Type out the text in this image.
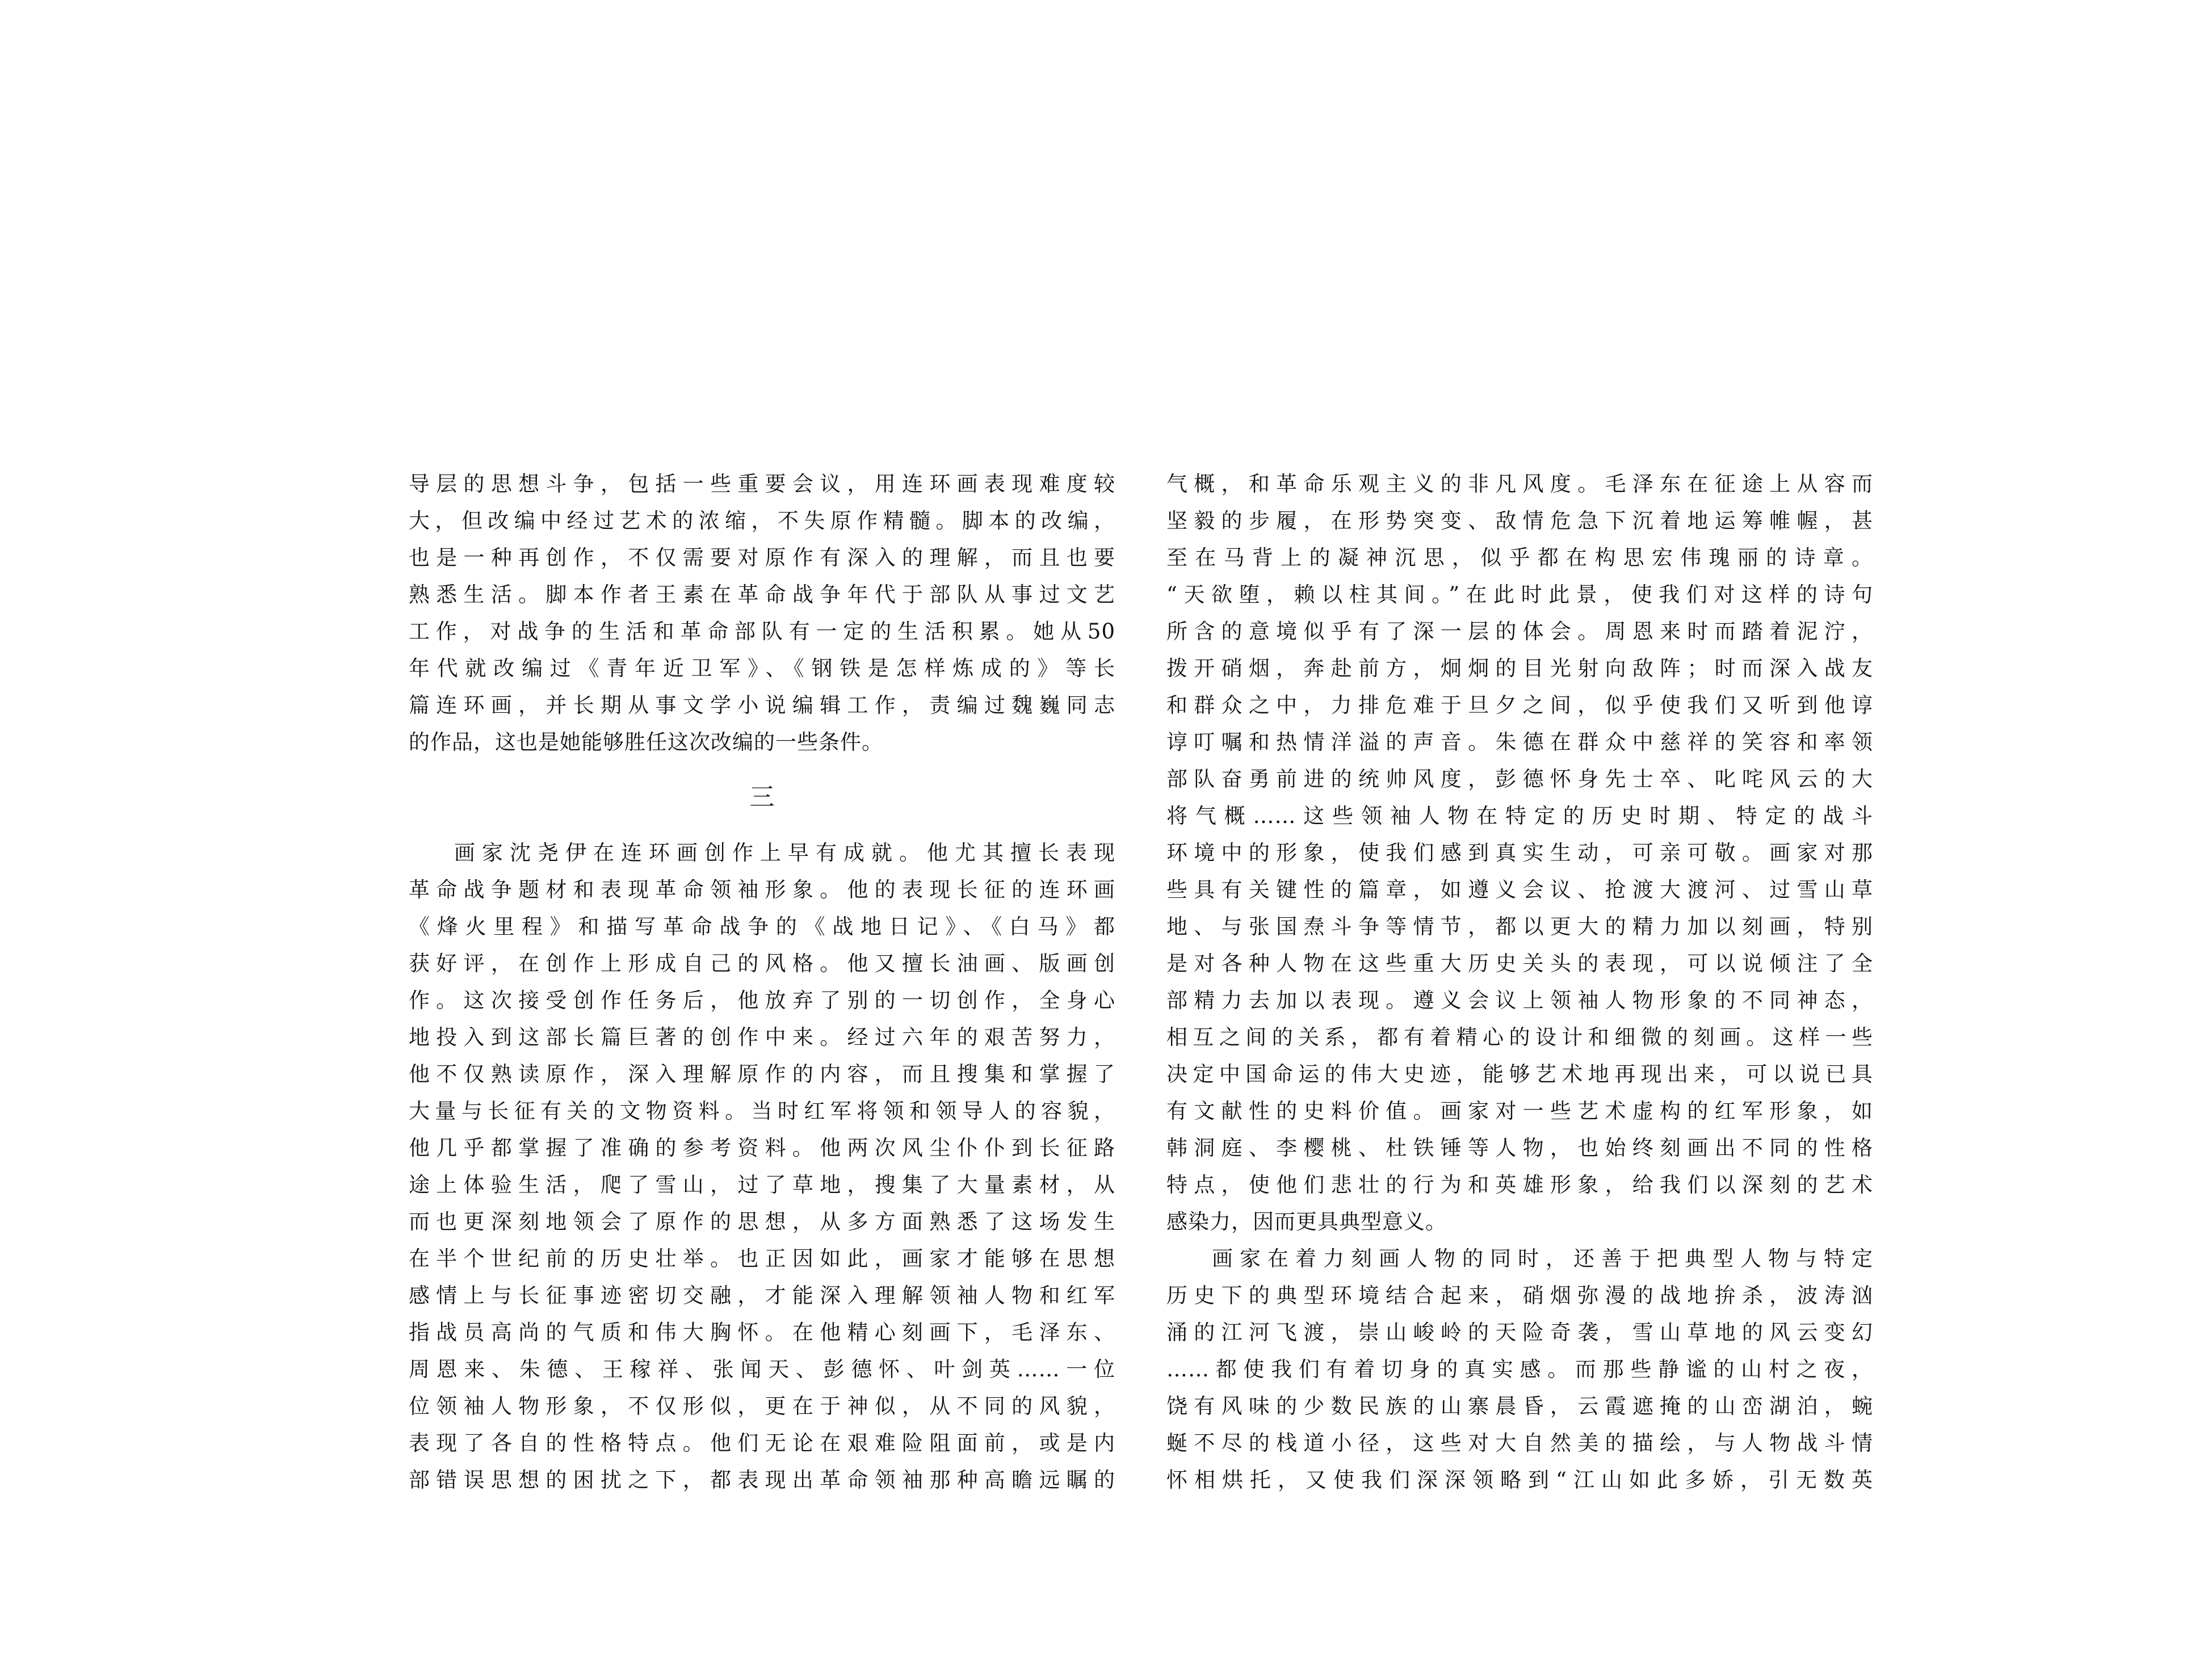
导层的思想斗争，包括一些重要会议，用连环画表现难度较
大，但改编中经过艺术的浓缩，不失原作精髓。脚本的改编，
也是一种再创作，不仅需要对原作有深入的理解，而且也要
熟悉生活。脚本作者王素在革命战争年代于部队从事过文艺
工作，对战争的生活和革命部队有一定的生活积累。她从50
年代就改编过《青年近卫军》、《钢铁是怎样炼成的》等长
篇连环画，并长期从事文学小说编辑工作，责编过魏巍同志
的作品，这也是她能够胜任这次改编的一些条件。
三
画家沈尧伊在连环画创作上早有成就。他尤其擅长表现
革命战争题材和表现革命领袖形象。他的表现长征的连环画
《烽火里程》和描写革命战争的《战地日记》、《白马》都
获好评，在创作上形成自己的风格。他又擅长油画、版画创
作。这次接受创作任务后，他放弃了别的一切创作，全身心
地投入到这部长篇巨著的创作中来。经过六年的艰苦努力，
他不仅熟读原作，深入理解原作的内容，而且搜集和掌握了
大量与长征有关的文物资料。当时红军将领和领导人的容貌，
他几乎都掌握了准确的参考资料。他两次风尘仆仆到长征路
途上体验生活，爬了雪山，过了草地，搜集了大量素材，从
而也更深刻地领会了原作的思想，从多方面熟悉了这场发生
在半个世纪前的历史壮举。也正因如此，画家才能够在思想
感情上与长征事迹密切交融，才能深入理解领袖人物和红军
指战员高尚的气质和伟大胸怀。在他精心刻画下，毛泽东、
周恩来、朱德、王稼祥、张闻天、彭德怀、叶剑英……一位
位领袖人物形象，不仅形似，更在于神似，从不同的风貌，
表现了各自的性格特点。他们无论在艰难险阻面前，或是内
部错误思想的困扰之下，都表现出革命领袖那种高瞻远瞩的
气概，和革命乐观主义的非凡风度。毛泽东在征途上从容而
坚毅的步履，在形势突变、敌情危急下沉着地运筹帷幄，甚
至在马背上的凝神沉思，似乎都在构思宏伟瑰丽的诗章。
“天欲堕，赖以柱其间。”在此时此景，使我们对这样的诗句
所含的意境似乎有了深一层的体会。周恩来时而踏着泥泞，
拨开硝烟，奔赴前方，炯炯的目光射向敌阵；时而深入战友
和群众之中，力排危难于旦夕之间，似乎使我们又听到他谆
谆叮嘱和热情洋溢的声音。朱德在群众中慈祥的笑容和率领
部队奋勇前进的统帅风度，彭德怀身先士卒、叱咤风云的大
将气概……这些领袖人物在特定的历史时期、特定的战斗
环境中的形象，使我们感到真实生动，可亲可敬。画家对那
些具有关键性的篇章，如遵义会议、抢渡大渡河、过雪山草
地、与张国焘斗争等情节，都以更大的精力加以刻画，特别
是对各种人物在这些重大历史关头的表现，可以说倾注了全
部精力去加以表现。遵义会议上领袖人物形象的不同神态，
相互之间的关系，都有着精心的设计和细微的刻画。这样一些
决定中国命运的伟大史迹，能够艺术地再现出来，可以说已具
有文献性的史料价值。画家对一些艺术虚构的红军形象，如
韩洞庭、李樱桃、杜铁锤等人物，也始终刻画出不同的性格
特点，使他们悲壮的行为和英雄形象，给我们以深刻的艺术
感染力，因而更具典型意义。
画家在着力刻画人物的同时，还善于把典型人物与特定
历史下的典型环境结合起来，硝烟弥漫的战地拚杀，波涛汹
涌的江河飞渡，崇山峻岭的天险奇袭，雪山草地的风云变幻
……都使我们有着切身的真实感。而那些静谧的山村之夜，
饶有风味的少数民族的山寨晨昏，云霞遮掩的山峦湖泊，蜿
蜒不尽的栈道小径，这些对大自然美的描绘，与人物战斗情
怀相烘托，又使我们深深领略到“江山如此多娇，引无数英
